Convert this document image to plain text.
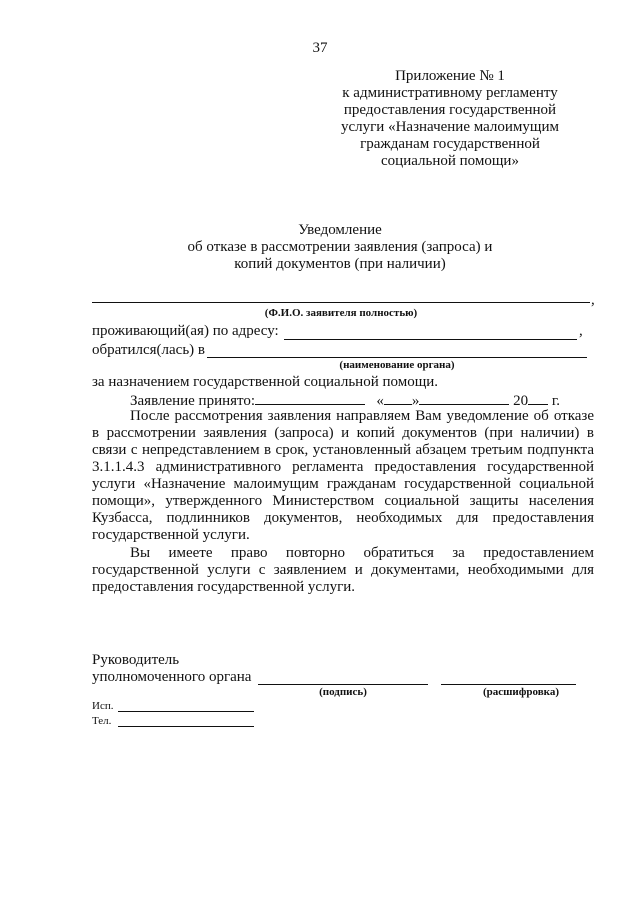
37
Приложение № 1
к административному регламенту
предоставления государственной
услуги «Назначение малоимущим
гражданам государственной
социальной помощи»
Уведомление
об отказе в рассмотрении заявления (запроса) и
копий документов (при наличии)
,
(Ф.И.О. заявителя полностью)
проживающий(ая) по адресу:	,
обратился(лась) в
(наименование органа)
за назначением государственной социальной помощи.
Заявление принято:	« »	20 г.
После рассмотрения заявления направляем Вам уведомление об отказе в рассмотрении заявления (запроса) и копий документов (при наличии) в связи с непредставлением в срок, установленный абзацем третьим подпункта 3.1.1.4.3 административного регламента предоставления государственной услуги «Назначение малоимущим гражданам государственной социальной помощи», утвержденного Министерством социальной защиты населения Кузбасса, подлинников документов, необходимых для предоставления государственной услуги.
Вы имеете право повторно обратиться за предоставлением государственной услуги с заявлением и документами, необходимыми для предоставления государственной услуги.
Руководитель
уполномоченного органа
(подпись)	(расшифровка)
Исп.
Тел.
